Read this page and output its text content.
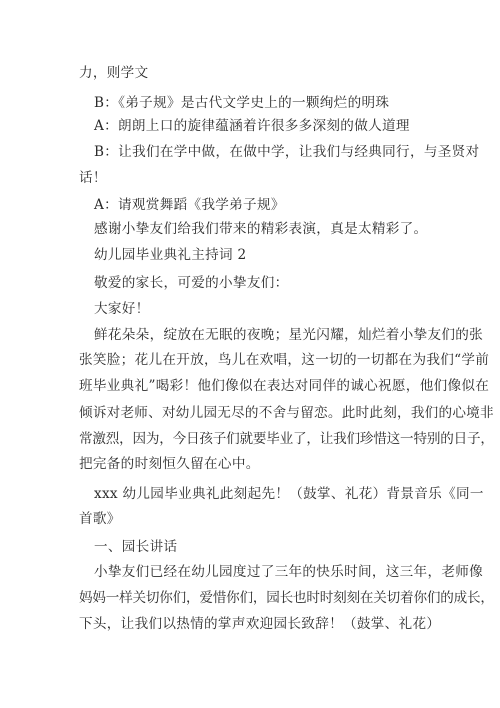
力，则学文
B：《弟子规》是古代文学史上的一颗绚烂的明珠
A：朗朗上口的旋律蕴涵着许很多多深刻的做人道理
B：让我们在学中做，在做中学，让我们与经典同行，与圣贤对
话！
A：请观赏舞蹈《我学弟子规》
感谢小挚友们给我们带来的精彩表演，真是太精彩了。
幼儿园毕业典礼主持词 2
敬爱的家长，可爱的小挚友们：
大家好！
鲜花朵朵，绽放在无眠的夜晚；星光闪耀，灿烂着小挚友们的张
张笑脸；花儿在开放，鸟儿在欢唱，这一切的一切都在为我们“学前
班毕业典礼”喝彩！他们像似在表达对同伴的诚心祝愿，他们像似在
倾诉对老师、对幼儿园无尽的不舍与留恋。此时此刻，我们的心境非
常激烈，因为，今日孩子们就要毕业了，让我们珍惜这一特别的日子，
把完备的时刻恒久留在心中。
xxx 幼儿园毕业典礼此刻起先！（鼓掌、礼花）背景音乐《同一
首歌》
一、园长讲话
小挚友们已经在幼儿园度过了三年的快乐时间，这三年，老师像
妈妈一样关切你们，爱惜你们，园长也时时刻刻在关切着你们的成长，
下头，让我们以热情的掌声欢迎园长致辞！（鼓掌、礼花）
